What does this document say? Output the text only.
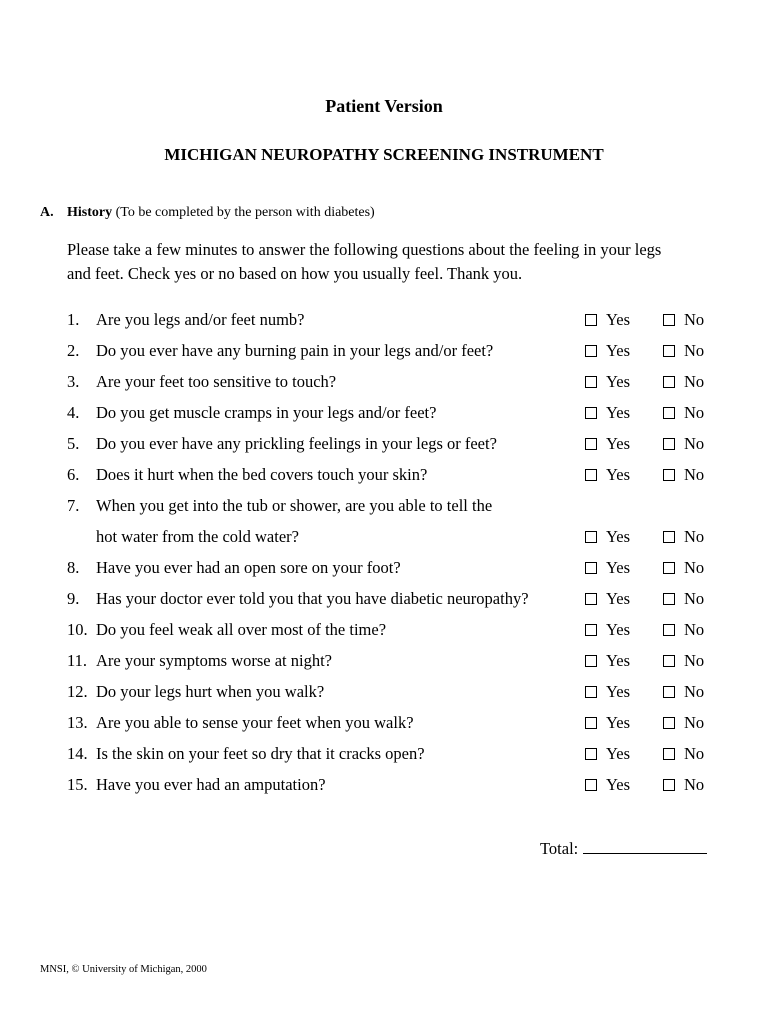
Patient Version
MICHIGAN NEUROPATHY SCREENING INSTRUMENT
A. History (To be completed by the person with diabetes)
Please take a few minutes to answer the following questions about the feeling in your legs
and feet. Check yes or no based on how you usually feel. Thank you.
1.	Are you legs and/or feet numb?	Yes	No
2.	Do you ever have any burning pain in your legs and/or feet?	Yes	No
3.	Are your feet too sensitive to touch?	Yes	No
4.	Do you get muscle cramps in your legs and/or feet?	Yes	No
5.	Do you ever have any prickling feelings in your legs or feet?	Yes	No
6.	Does it hurt when the bed covers touch your skin?	Yes	No
7.	When you get into the tub or shower, are you able to tell the
hot water from the cold water?	Yes	No
8.	Have you ever had an open sore on your foot?	Yes	No
9.	Has your doctor ever told you that you have diabetic neuropathy?	Yes	No
10. Do you feel weak all over most of the time?	Yes	No
11. Are your symptoms worse at night?	Yes	No
12. Do your legs hurt when you walk?	Yes	No
13. Are you able to sense your feet when you walk?	Yes	No
14. Is the skin on your feet so dry that it cracks open?	Yes	No
15. Have you ever had an amputation?	Yes	No
Total:
MNSI, © University of Michigan, 2000
